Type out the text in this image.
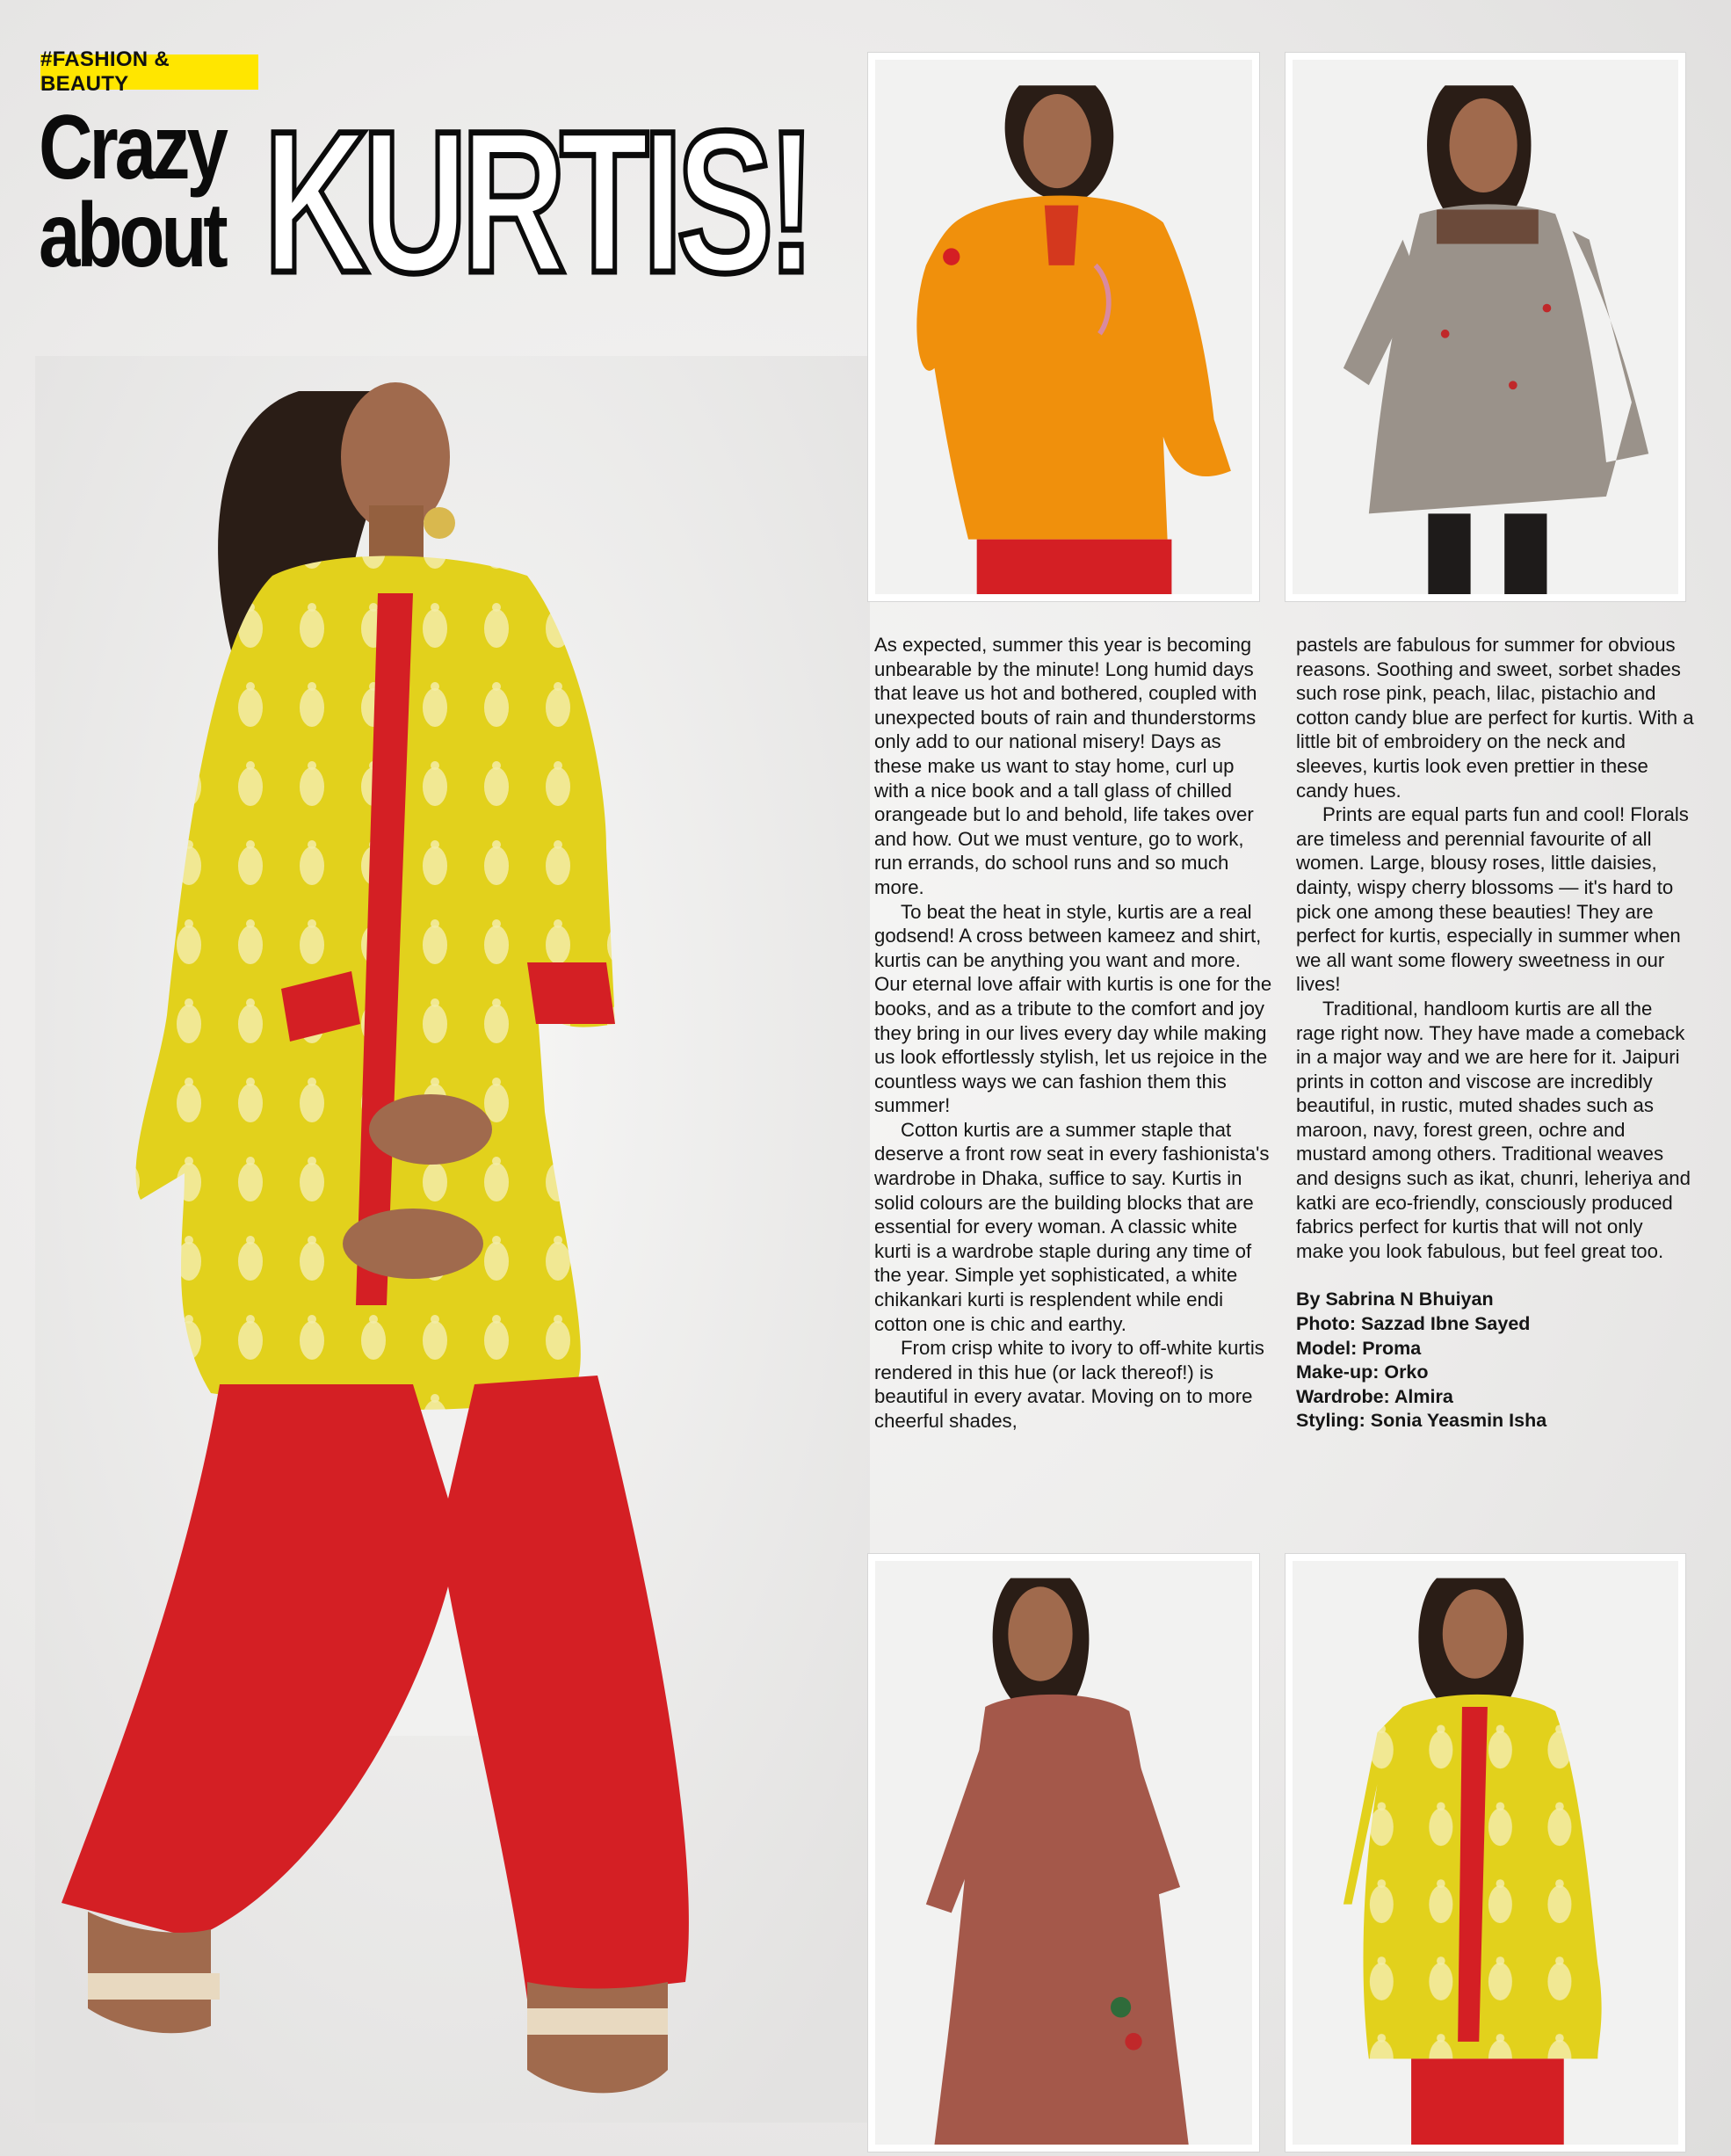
#FASHION & BEAUTY
Crazy
about KURTIS!

As expected, summer this year is becoming unbearable by the minute! Long humid days that leave us hot and bothered, coupled with unexpected bouts of rain and thunderstorms only add to our national misery! Days as these make us want to stay home, curl up with a nice book and a tall glass of chilled orangeade but lo and behold, life takes over and how. Out we must venture, go to work, run errands, do school runs and so much more.

To beat the heat in style, kurtis are a real godsend! A cross between kameez and shirt, kurtis can be anything you want and more. Our eternal love affair with kurtis is one for the books, and as a tribute to the comfort and joy they bring in our lives every day while making us look effortlessly stylish, let us rejoice in the countless ways we can fashion them this summer!

Cotton kurtis are a summer staple that deserve a front row seat in every fashionista's wardrobe in Dhaka, suffice to say. Kurtis in solid colours are the building blocks that are essential for every woman. A classic white kurti is a wardrobe staple during any time of the year. Simple yet sophisticated, a white chikankari kurti is resplendent while endi cotton one is chic and earthy.

From crisp white to ivory to off-white kurtis rendered in this hue (or lack thereof!) is beautiful in every avatar. Moving on to more cheerful shades,

pastels are fabulous for summer for obvious reasons. Soothing and sweet, sorbet shades such rose pink, peach, lilac, pistachio and cotton candy blue are perfect for kurtis. With a little bit of embroidery on the neck and sleeves, kurtis look even prettier in these candy hues.

Prints are equal parts fun and cool! Florals are timeless and perennial favourite of all women. Large, blousy roses, little daisies, dainty, wispy cherry blossoms — it's hard to pick one among these beauties! They are perfect for kurtis, especially in summer when we all want some flowery sweetness in our lives!

Traditional, handloom kurtis are all the rage right now. They have made a comeback in a major way and we are here for it. Jaipuri prints in cotton and viscose are incredibly beautiful, in rustic, muted shades such as maroon, navy, forest green, ochre and mustard among others. Traditional weaves and designs such as ikat, chunri, leheriya and katki are eco-friendly, consciously produced fabrics perfect for kurtis that will not only make you look fabulous, but feel great too.

By Sabrina N Bhuiyan
Photo: Sazzad Ibne Sayed
Model: Proma
Make-up: Orko
Wardrobe: Almira
Styling: Sonia Yeasmin Isha
